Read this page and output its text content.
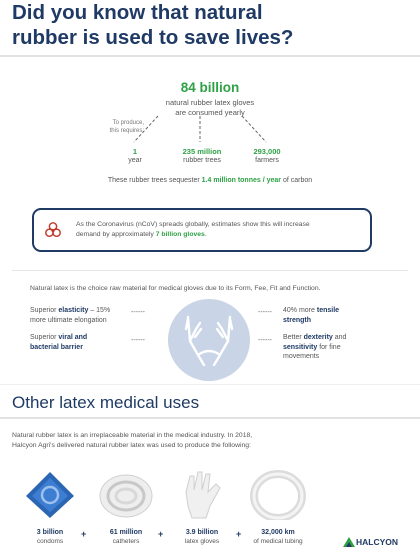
Did you know that natural
rubber is used to save lives?
84 billion
natural rubber latex gloves
are consumed yearly
To produce,
this requires:
1
year
235 million
rubber trees
293,000
farmers
These rubber trees sequester 1.4 million tonnes / year of carbon
As the Coronavirus (nCoV) spreads globally, estimates show this will increase
demand by approximately 7 billion gloves.
Natural latex is the choice raw material for medical gloves due to its Form, Fee, Fit and Function.
Superior elasticity – 15%
more ultimate elongation
Superior viral and
bacterial barrier
------
------
------
------
40% more tensile
strength
Better dexterity and
sensitivity for fine
movements
Other latex medical uses
Natural rubber latex is an irreplaceable material in the medical industry. In 2018,
Halcyon Agri's delivered natural rubber latex was used to produce the following:
3 billion
condoms
+	61 million
catheters
+	3.9 billion
latex gloves
+	32,000 km
of medical tubing	HALCYON
